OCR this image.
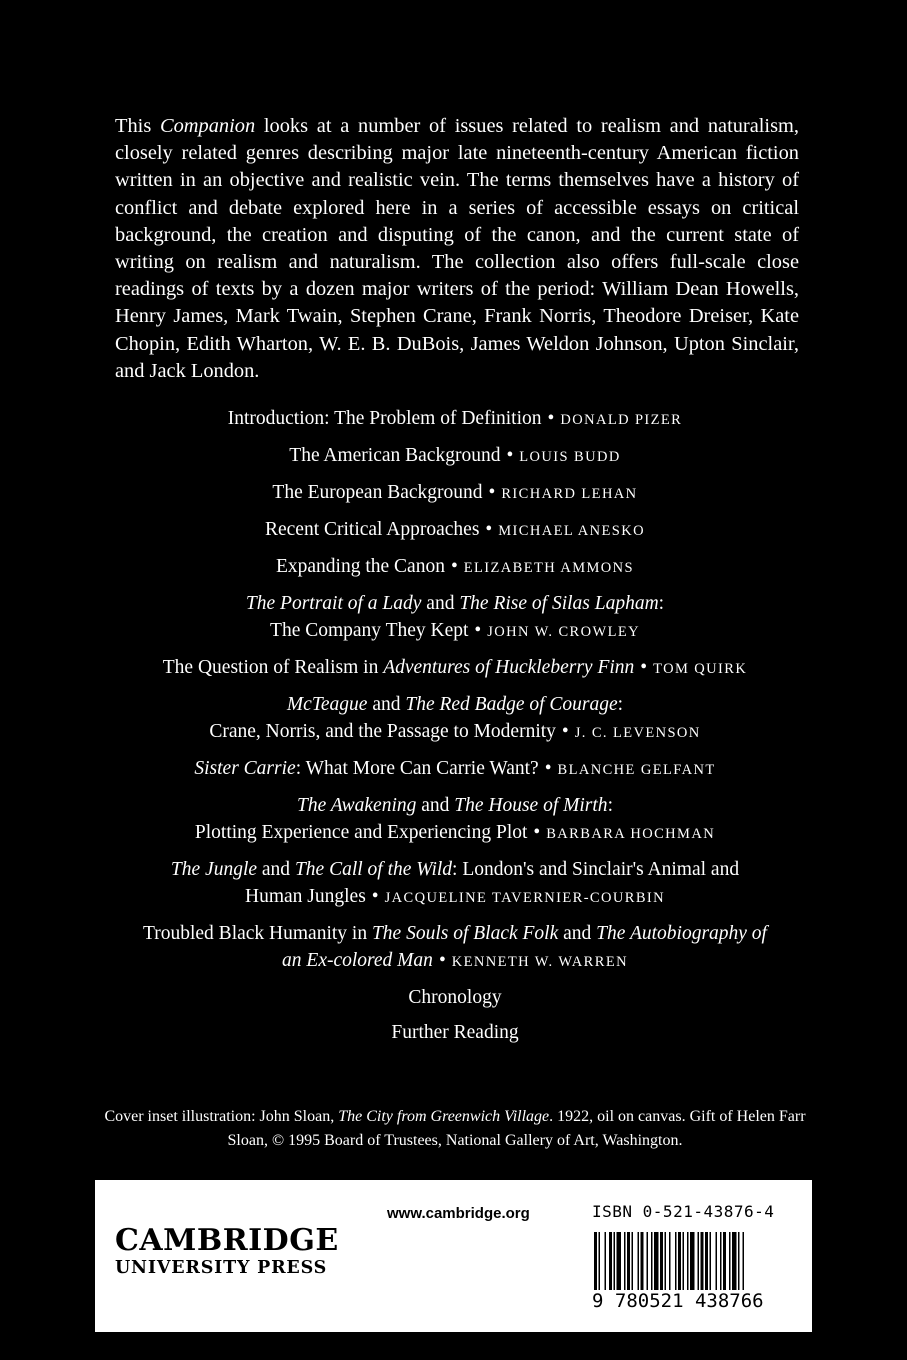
This Companion looks at a number of issues related to realism and naturalism, closely related genres describing major late nineteenth-century American fiction written in an objective and realistic vein. The terms themselves have a history of conflict and debate explored here in a series of accessible essays on critical background, the creation and disputing of the canon, and the current state of writing on realism and naturalism. The collection also offers full-scale close readings of texts by a dozen major writers of the period: William Dean Howells, Henry James, Mark Twain, Stephen Crane, Frank Norris, Theodore Dreiser, Kate Chopin, Edith Wharton, W. E. B. DuBois, James Weldon Johnson, Upton Sinclair, and Jack London.
Introduction: The Problem of Definition • DONALD PIZER
The American Background • LOUIS BUDD
The European Background • RICHARD LEHAN
Recent Critical Approaches • MICHAEL ANESKO
Expanding the Canon • ELIZABETH AMMONS
The Portrait of a Lady and The Rise of Silas Lapham:
The Company They Kept • JOHN W. CROWLEY
The Question of Realism in Adventures of Huckleberry Finn • TOM QUIRK
McTeague and The Red Badge of Courage:
Crane, Norris, and the Passage to Modernity • J. C. LEVENSON
Sister Carrie: What More Can Carrie Want? • BLANCHE GELFANT
The Awakening and The House of Mirth:
Plotting Experience and Experiencing Plot • BARBARA HOCHMAN
The Jungle and The Call of the Wild: London's and Sinclair's Animal and
Human Jungles • JACQUELINE TAVERNIER-COURBIN
Troubled Black Humanity in The Souls of Black Folk and The Autobiography of
an Ex-colored Man • KENNETH W. WARREN
Chronology
Further Reading
Cover inset illustration: John Sloan, The City from Greenwich Village. 1922, oil on canvas. Gift of Helen Farr Sloan, © 1995 Board of Trustees, National Gallery of Art, Washington.
CAMBRIDGE
UNIVERSITY PRESS
www.cambridge.org	ISBN 0-521-43876-4
9 780521 438766
